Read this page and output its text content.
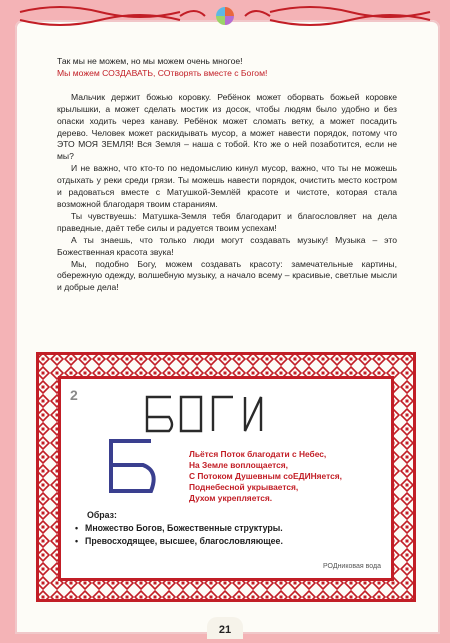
Так мы не можем, но мы можем очень многое!

Мы можем СОЗДАВАТЬ, СОтворять вместе с Богом!

Мальчик держит божью коровку. Ребёнок может оборвать божьей коровке крылышки, а может сделать мостик из досок, чтобы людям было удобно и без опаски ходить через канаву. Ребёнок может сломать ветку, а может посадить дерево. Человек может раскидывать мусор, а может навести порядок, потому что ЭТО МОЯ ЗЕМЛЯ! Вся Земля – наша с тобой. Кто же о ней позаботится, если не мы?

И не важно, что кто-то по недомыслию кинул мусор, важно, что ты не можешь отдыхать у реки среди грязи. Ты можешь навести порядок, очистить место костром и радоваться вместе с Матушкой-Землёй красоте и чистоте, которая стала возможной благодаря твоим стараниям.

Ты чувствуешь: Матушка-Земля тебя благодарит и благословляет на дела праведные, даёт тебе силы и радуется твоим успехам!

А ты знаешь, что только люди могут создавать музыку! Музыка – это Божественная красота звука!

Мы, подобно Богу, можем создавать красоту: замечательные картины, обережную одежду, волшебную музыку, а начало всему – красивые, светлые мысли и добрые дела!

2	БОГИ
Б
Льётся Поток благодати с Небес,
На Земле воплощается,
С Потоком Душевным соЕДИНяется,
Поднебесной укрывается,
Духом укрепляется.
Образ:
• Множество Богов, Божественные структуры.
• Превосходящее, высшее, благословляющее.
РОДниковая вода
21
